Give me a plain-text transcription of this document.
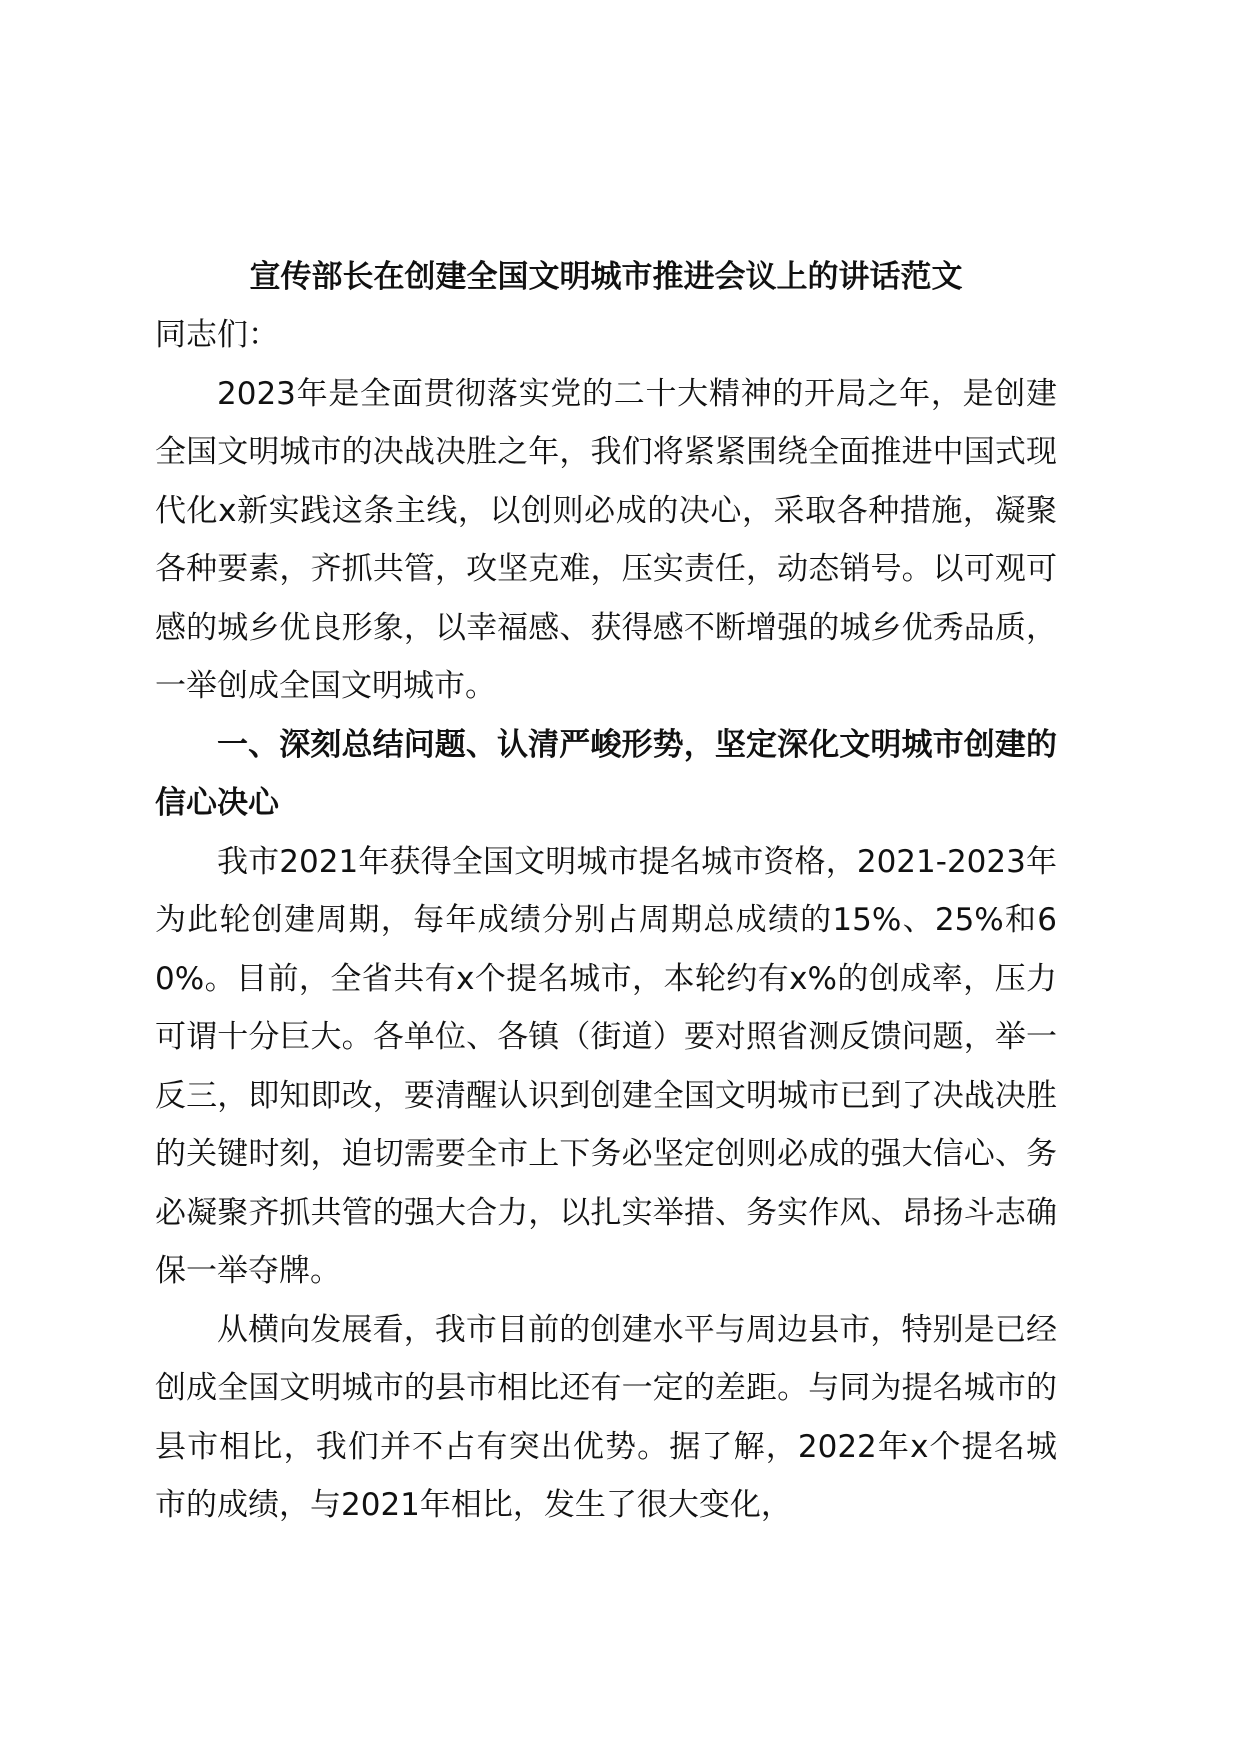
宣传部长在创建全国文明城市推进会议上的讲话范文

同志们：

2023年是全面贯彻落实党的二十大精神的开局之年，是创建全国文明城市的决战决胜之年，我们将紧紧围绕全面推进中国式现代化x新实践这条主线，以创则必成的决心，采取各种措施，凝聚各种要素，齐抓共管，攻坚克难，压实责任，动态销号。以可观可感的城乡优良形象，以幸福感、获得感不断增强的城乡优秀品质，一举创成全国文明城市。

一、深刻总结问题、认清严峻形势，坚定深化文明城市创建的信心决心

我市2021年获得全国文明城市提名城市资格，2021-2023年为此轮创建周期，每年成绩分别占周期总成绩的15%、25%和60%。目前，全省共有x个提名城市，本轮约有x%的创成率，压力可谓十分巨大。各单位、各镇（街道）要对照省测反馈问题，举一反三，即知即改，要清醒认识到创建全国文明城市已到了决战决胜的关键时刻，迫切需要全市上下务必坚定创则必成的强大信心、务必凝聚齐抓共管的强大合力，以扎实举措、务实作风、昂扬斗志确保一举夺牌。

从横向发展看，我市目前的创建水平与周边县市，特别是已经创成全国文明城市的县市相比还有一定的差距。与同为提名城市的县市相比，我们并不占有突出优势。据了解，2022年x个提名城市的成绩，与2021年相比，发生了很大变化，
